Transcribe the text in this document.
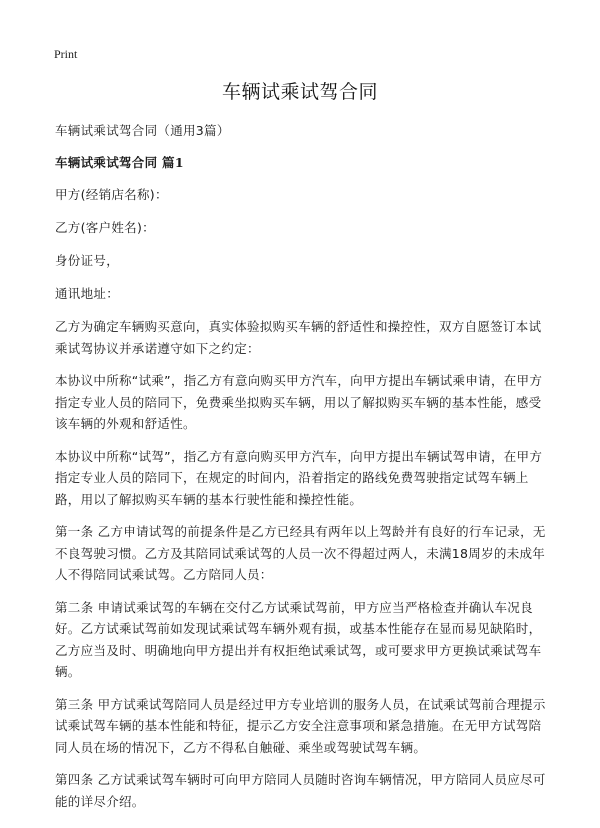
Print
车辆试乘试驾合同

车辆试乘试驾合同（通用3篇）

车辆试乘试驾合同 篇1

甲方(经销店名称)：

乙方(客户姓名)：

身份证号，

通讯地址：

乙方为确定车辆购买意向，真实体验拟购买车辆的舒适性和操控性，双方自愿签订本试乘试驾协议并承诺遵守如下之约定：

本协议中所称“试乘”，指乙方有意向购买甲方汽车，向甲方提出车辆试乘申请，在甲方指定专业人员的陪同下，免费乘坐拟购买车辆，用以了解拟购买车辆的基本性能，感受该车辆的外观和舒适性。

本协议中所称“试驾”，指乙方有意向购买甲方汽车，向甲方提出车辆试驾申请，在甲方指定专业人员的陪同下，在规定的时间内，沿着指定的路线免费驾驶指定试驾车辆上路，用以了解拟购买车辆的基本行驶性能和操控性能。

第一条 乙方申请试驾的前提条件是乙方已经具有两年以上驾龄并有良好的行车记录，无不良驾驶习惯。乙方及其陪同试乘试驾的人员一次不得超过两人，未满18周岁的未成年人不得陪同试乘试驾。乙方陪同人员：

第二条 申请试乘试驾的车辆在交付乙方试乘试驾前，甲方应当严格检查并确认车况良好。乙方试乘试驾前如发现试乘试驾车辆外观有损，或基本性能存在显而易见缺陷时，乙方应当及时、明确地向甲方提出并有权拒绝试乘试驾，或可要求甲方更换试乘试驾车辆。

第三条 甲方试乘试驾陪同人员是经过甲方专业培训的服务人员，在试乘试驾前合理提示试乘试驾车辆的基本性能和特征，提示乙方安全注意事项和紧急措施。在无甲方试驾陪同人员在场的情况下，乙方不得私自触碰、乘坐或驾驶试驾车辆。

第四条 乙方试乘试驾车辆时可向甲方陪同人员随时咨询车辆情况，甲方陪同人员应尽可能的详尽介绍。
